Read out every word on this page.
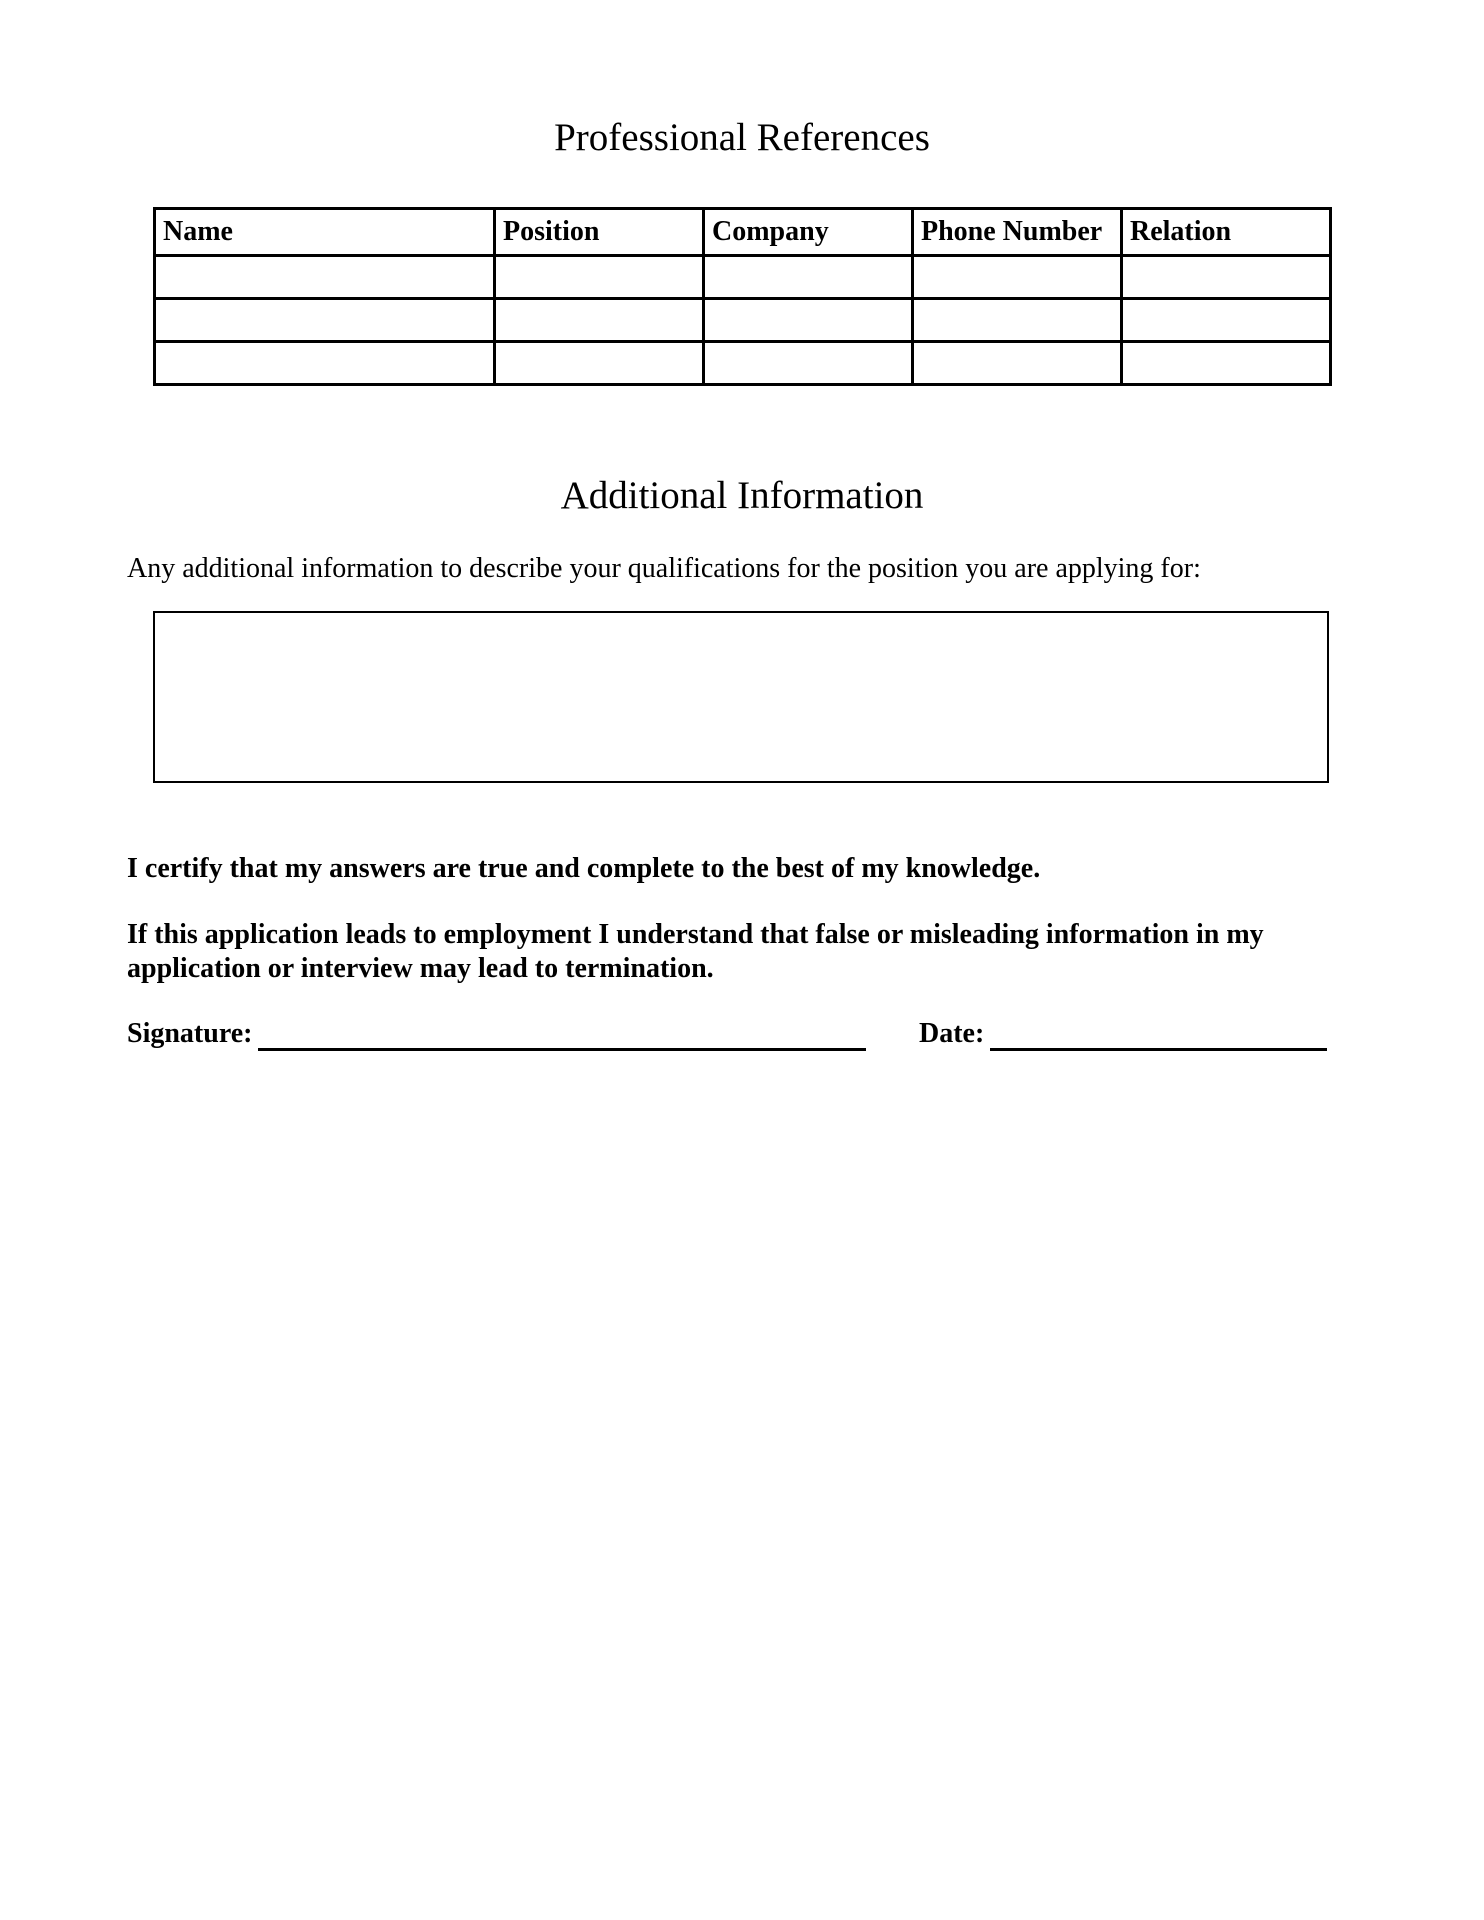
Professional References
Name	Position	Company	Phone Number	Relation

Additional Information

Any additional information to describe your qualifications for the position you are applying for:

I certify that my answers are true and complete to the best of my knowledge.

If this application leads to employment I understand that false or misleading information in my application or interview may lead to termination.

Signature:	Date:
